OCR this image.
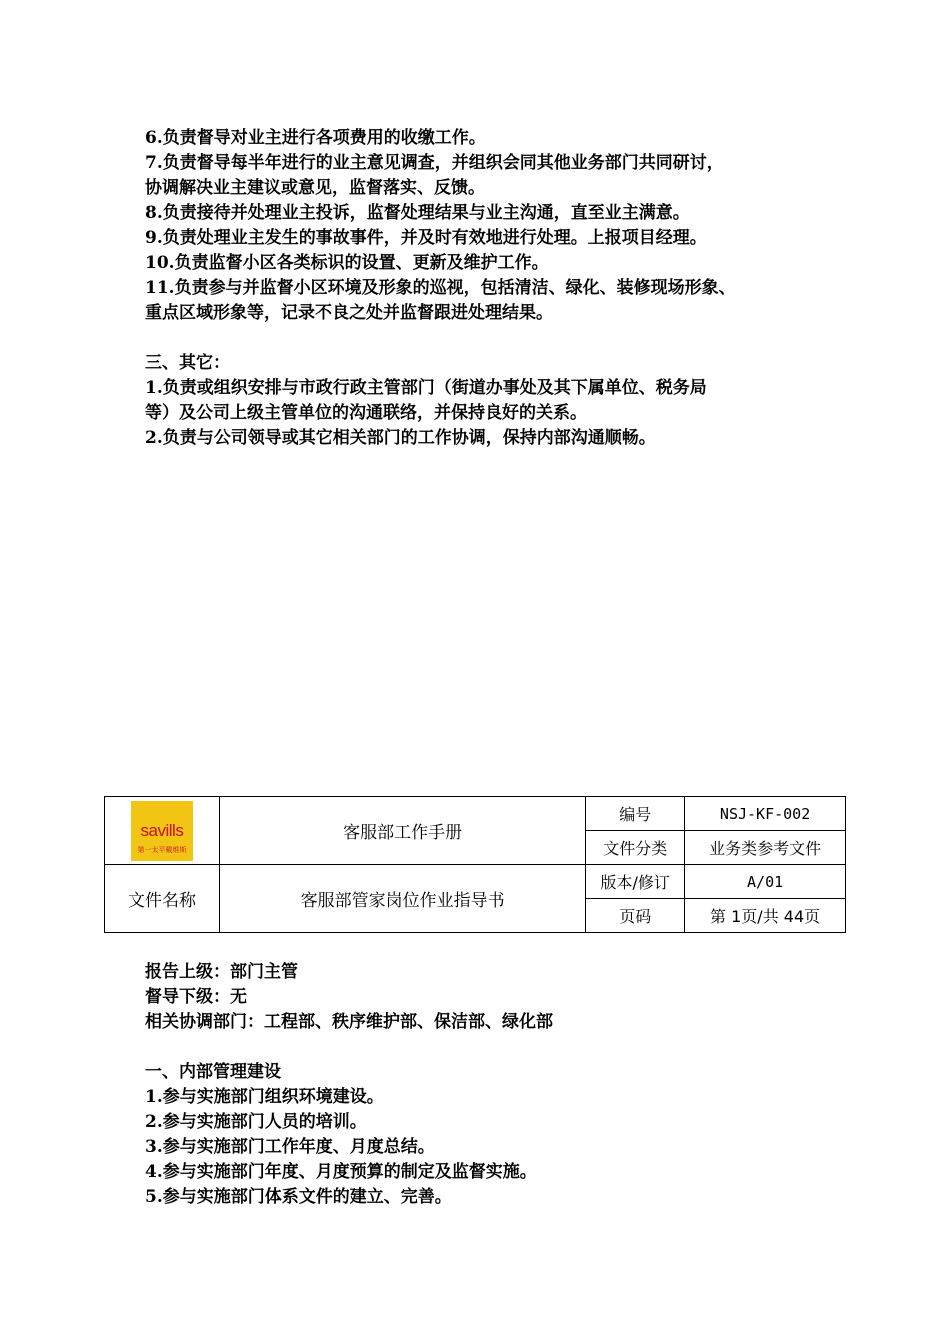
6.负责督导对业主进行各项费用的收缴工作。
7.负责督导每半年进行的业主意见调查，并组织会同其他业务部门共同研讨，
协调解决业主建议或意见，监督落实、反馈。
8.负责接待并处理业主投诉，监督处理结果与业主沟通，直至业主满意。
9.负责处理业主发生的事故事件，并及时有效地进行处理。上报项目经理。
10.负责监督小区各类标识的设置、更新及维护工作。
11.负责参与并监督小区环境及形象的巡视，包括清洁、绿化、装修现场形象、
重点区域形象等，记录不良之处并监督跟进处理结果。
三、其它：
1.负责或组织安排与市政行政主管部门（街道办事处及其下属单位、税务局
等）及公司上级主管单位的沟通联络，并保持良好的关系。
2.负责与公司领导或其它相关部门的工作协调，保持内部沟通顺畅。
savills
第一太平戴维斯	客服部工作手册	编号	NSJ-KF-002
		文件分类	业务类参考文件
文件名称	客服部管家岗位作业指导书	版本/修订	A/01
		页码	第 1页/共 44页
报告上级：部门主管
督导下级：无
相关协调部门：工程部、秩序维护部、保洁部、绿化部
一、内部管理建设
1.参与实施部门组织环境建设。
2.参与实施部门人员的培训。
3.参与实施部门工作年度、月度总结。
4.参与实施部门年度、月度预算的制定及监督实施。
5.参与实施部门体系文件的建立、完善。
